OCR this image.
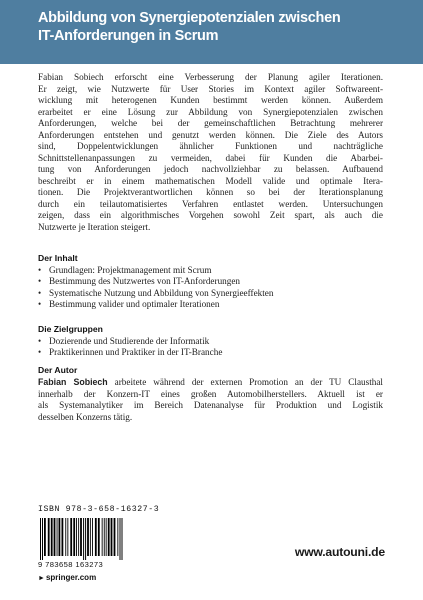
Abbildung von Synergiepotenzialen zwischen
IT-Anforderungen in Scrum

Fabian Sobiech erforscht eine Verbesserung der Planung agiler Iterationen.
Er zeigt, wie Nutzwerte für User Stories im Kontext agiler Softwareent-
wicklung mit heterogenen Kunden bestimmt werden können. Außerdem
erarbeitet er eine Lösung zur Abbildung von Synergiepotenzialen zwischen
Anforderungen, welche bei der gemeinschaftlichen Betrachtung mehrerer
Anforderungen entstehen und genutzt werden können. Die Ziele des Autors
sind, Doppelentwicklungen ähnlicher Funktionen und nachträgliche
Schnittstellenanpassungen zu vermeiden, dabei für Kunden die Abarbei-
tung von Anforderungen jedoch nachvollziehbar zu belassen. Aufbauend
beschreibt er in einem mathematischen Modell valide und optimale Itera-
tionen. Die Projektverantwortlichen können so bei der Iterationsplanung
durch ein teilautomatisiertes Verfahren entlastet werden. Untersuchungen
zeigen, dass ein algorithmisches Vorgehen sowohl Zeit spart, als auch die
Nutzwerte je Iteration steigert.

Der Inhalt
• Grundlagen: Projektmanagement mit Scrum
• Bestimmung des Nutzwertes von IT-Anforderungen
• Systematische Nutzung und Abbildung von Synergieeffekten
• Bestimmung valider und optimaler Iterationen
Die Zielgruppen
• Dozierende und Studierende der Informatik
• Praktikerinnen und Praktiker in der IT-Branche
Der Autor

Fabian Sobiech arbeitete während der externen Promotion an der TU Clausthal
innerhalb der Konzern-IT eines großen Automobilherstellers. Aktuell ist er
als Systemanalytiker im Bereich Datenanalyse für Produktion und Logistik
desselben Konzerns tätig.

ISBN 978-3-658-16327-3
9 783658 163273
►springer.com
www.autouni.de
